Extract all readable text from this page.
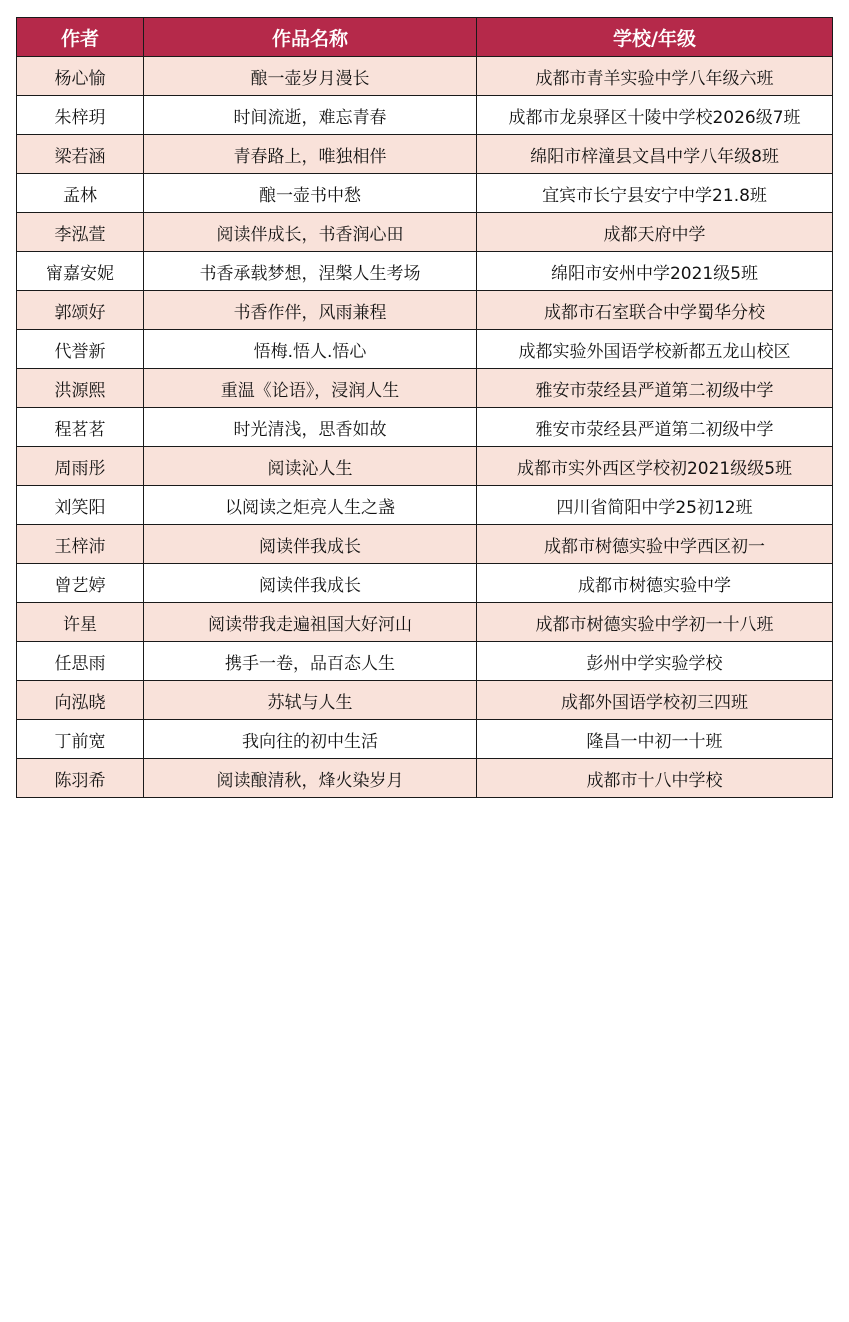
作者	作品名称	学校/年级
杨心愉	酿一壶岁月漫长	成都市青羊实验中学八年级六班
朱梓玥	时间流逝，难忘青春	成都市龙泉驿区十陵中学校2026级7班
梁若涵	青春路上，唯独相伴	绵阳市梓潼县文昌中学八年级8班
孟林	酿一壶书中愁	宜宾市长宁县安宁中学21.8班
李泓萱	阅读伴成长，书香润心田	成都天府中学
甯嘉安妮	书香承载梦想，涅槃人生考场	绵阳市安州中学2021级5班
郭颂好	书香作伴，风雨兼程	成都市石室联合中学蜀华分校
代誉新	悟梅.悟人.悟心	成都实验外国语学校新都五龙山校区
洪源熙	重温《论语》，浸润人生	雅安市荥经县严道第二初级中学
程茗茗	时光清浅，思香如故	雅安市荥经县严道第二初级中学
周雨彤	阅读沁人生	成都市实外西区学校初2021级级5班
刘笑阳	以阅读之炬亮人生之盏	四川省简阳中学25初12班
王梓沛	阅读伴我成长	成都市树德实验中学西区初一
曾艺婷	阅读伴我成长	成都市树德实验中学
许星	阅读带我走遍祖国大好河山	成都市树德实验中学初一十八班
任思雨	携手一卷，品百态人生	彭州中学实验学校
向泓晓	苏轼与人生	成都外国语学校初三四班
丁前宽	我向往的初中生活	隆昌一中初一十班
陈羽希	阅读酿清秋，烽火染岁月	成都市十八中学校
